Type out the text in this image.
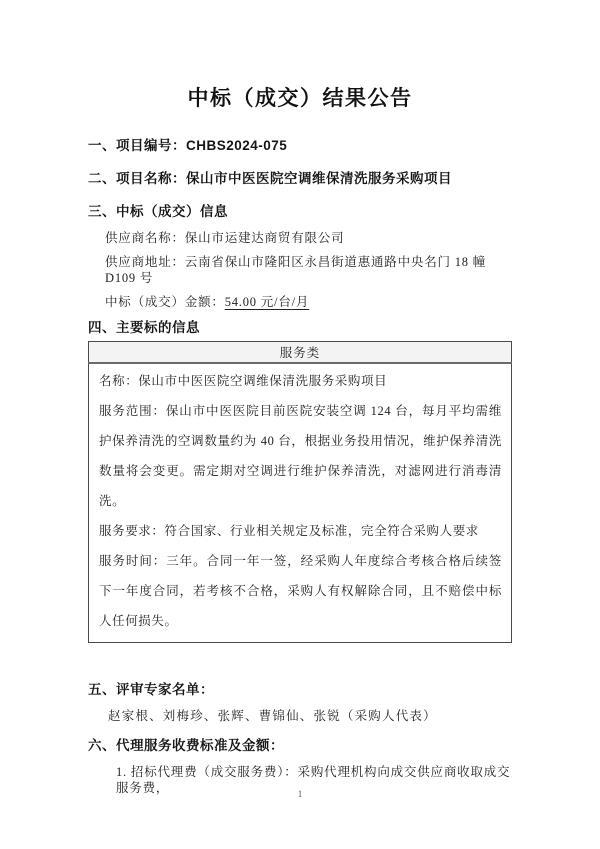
中标（成交）结果公告
一、项目编号：CHBS2024-075
二、项目名称：保山市中医医院空调维保清洗服务采购项目
三、中标（成交）信息
供应商名称：保山市运建达商贸有限公司
供应商地址：云南省保山市隆阳区永昌街道惠通路中央名门 18 幢 D109 号
中标（成交）金额：54.00 元/台/月
四、主要标的信息
服务类

名称：保山市中医医院空调维保清洗服务采购项目

服务范围：保山市中医医院目前医院安装空调 124 台，每月平均需维护保养清洗的空调数量约为 40 台，根据业务投用情况，维护保养清洗数量将会变更。需定期对空调进行维护保养清洗，对滤网进行消毒清洗。

服务要求：符合国家、行业相关规定及标准，完全符合采购人要求

服务时间：三年。合同一年一签，经采购人年度综合考核合格后续签下一年度合同，若考核不合格，采购人有权解除合同，且不赔偿中标人任何损失。

五、评审专家名单：
赵家根、刘梅珍、张辉、曹锦仙、张锐（采购人代表）
六、代理服务收费标准及金额：
1. 招标代理费（成交服务费）：采购代理机构向成交供应商收取成交服务费，	1
